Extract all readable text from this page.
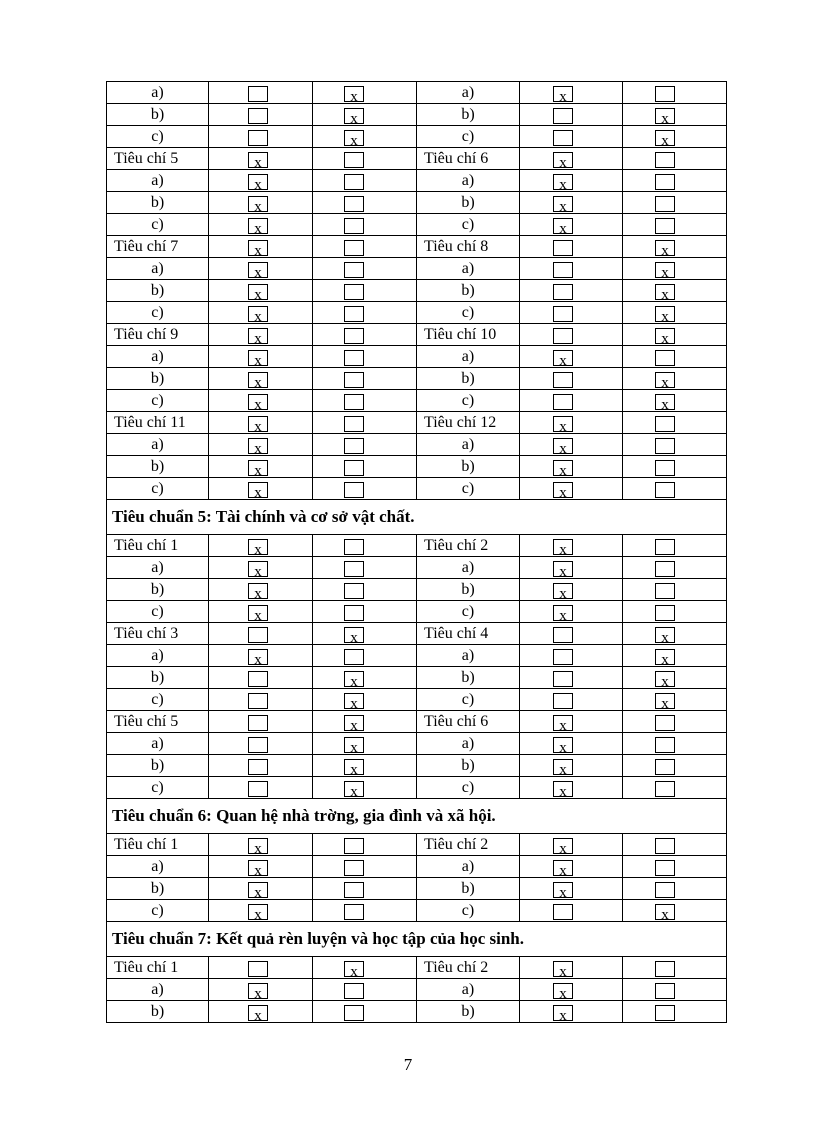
a)		x	a)	x	
b)		x	b)		x
c)		x	c)		x
Tiêu chí 5	x		Tiêu chí 6	x	
a)	x		a)	x	
b)	x		b)	x	
c)	x		c)	x	
Tiêu chí 7	x		Tiêu chí 8		x
a)	x		a)		x
b)	x		b)		x
c)	x		c)		x
Tiêu chí 9	x		Tiêu chí 10		x
a)	x		a)	x	
b)	x		b)		x
c)	x		c)		x
Tiêu chí 11	x		Tiêu chí 12	x	
a)	x		a)	x	
b)	x		b)	x	
c)	x		c)	x	
Tiêu chuẩn 5: Tài chính và cơ sở vật chất.					
Tiêu chí 1	x		Tiêu chí 2	x	
a)	x		a)	x	
b)	x		b)	x	
c)	x		c)	x	
Tiêu chí 3		x	Tiêu chí 4		x
a)	x		a)		x
b)		x	b)		x
c)		x	c)		x
Tiêu chí 5		x	Tiêu chí 6	x	
a)		x	a)	x	
b)		x	b)	x	
c)		x	c)	x	
Tiêu chuẩn 6: Quan hệ nhà trờng, gia đình và xã hội.					
Tiêu chí 1	x		Tiêu chí 2	x	
a)	x		a)	x	
b)	x		b)	x	
c)	x		c)		x
Tiêu chuẩn 7: Kết quả rèn luyện và học tập của học sinh.					
Tiêu chí 1		x	Tiêu chí 2	x	
a)	x		a)	x	
b)	x		b)	x	
7
